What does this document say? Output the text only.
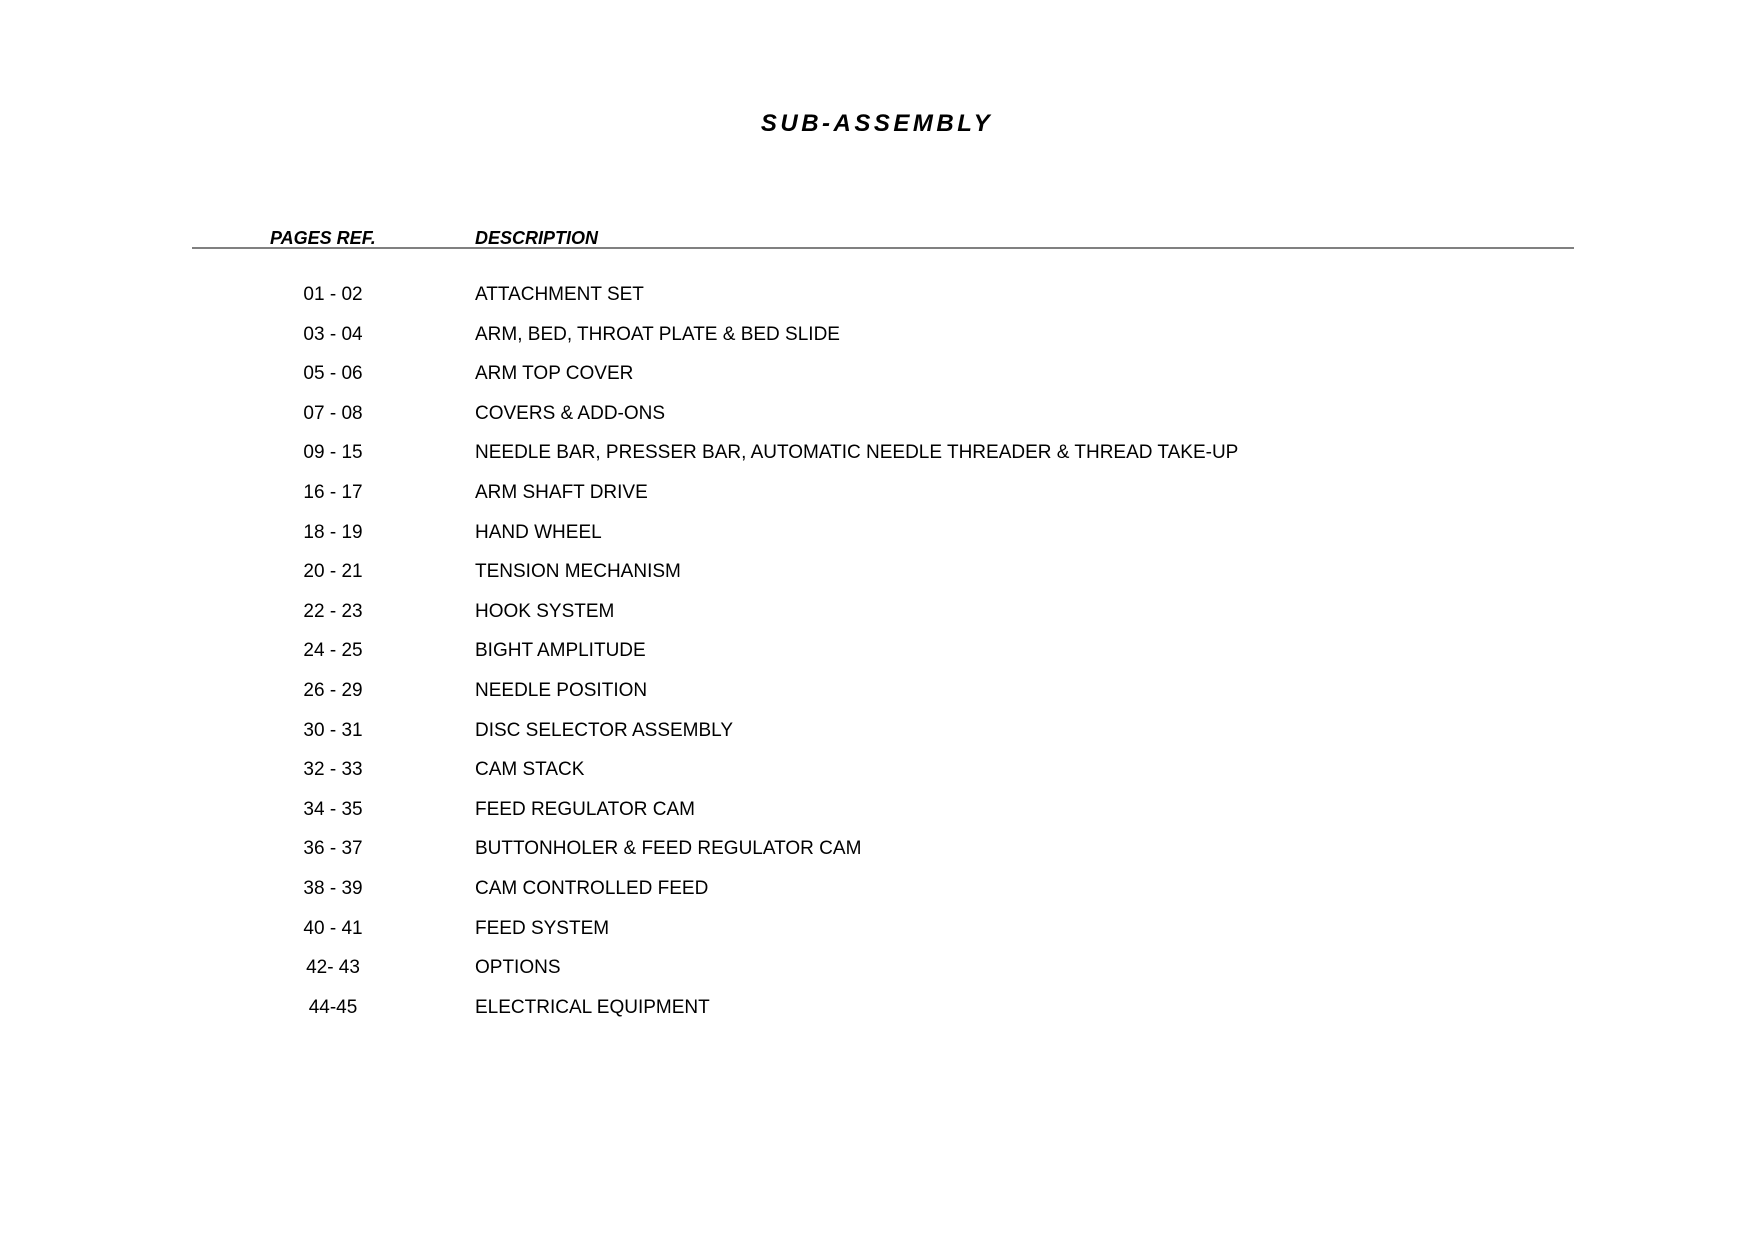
SUB-ASSEMBLY
PAGES REF.	DESCRIPTION
01 - 02	ATTACHMENT SET
03 - 04	ARM, BED, THROAT PLATE & BED SLIDE
05 - 06	ARM TOP COVER
07 - 08	COVERS & ADD-ONS
09 - 15	NEEDLE BAR, PRESSER BAR, AUTOMATIC NEEDLE THREADER & THREAD TAKE-UP
16 - 17	ARM SHAFT DRIVE
18 - 19	HAND WHEEL
20 - 21	TENSION MECHANISM
22 - 23	HOOK SYSTEM
24 - 25	BIGHT AMPLITUDE
26 - 29	NEEDLE POSITION
30 - 31	DISC SELECTOR ASSEMBLY
32 - 33	CAM STACK
34 - 35	FEED REGULATOR CAM
36 - 37	BUTTONHOLER & FEED REGULATOR CAM
38 - 39	CAM CONTROLLED FEED
40 - 41	FEED SYSTEM
42- 43	OPTIONS
44-45	ELECTRICAL EQUIPMENT
